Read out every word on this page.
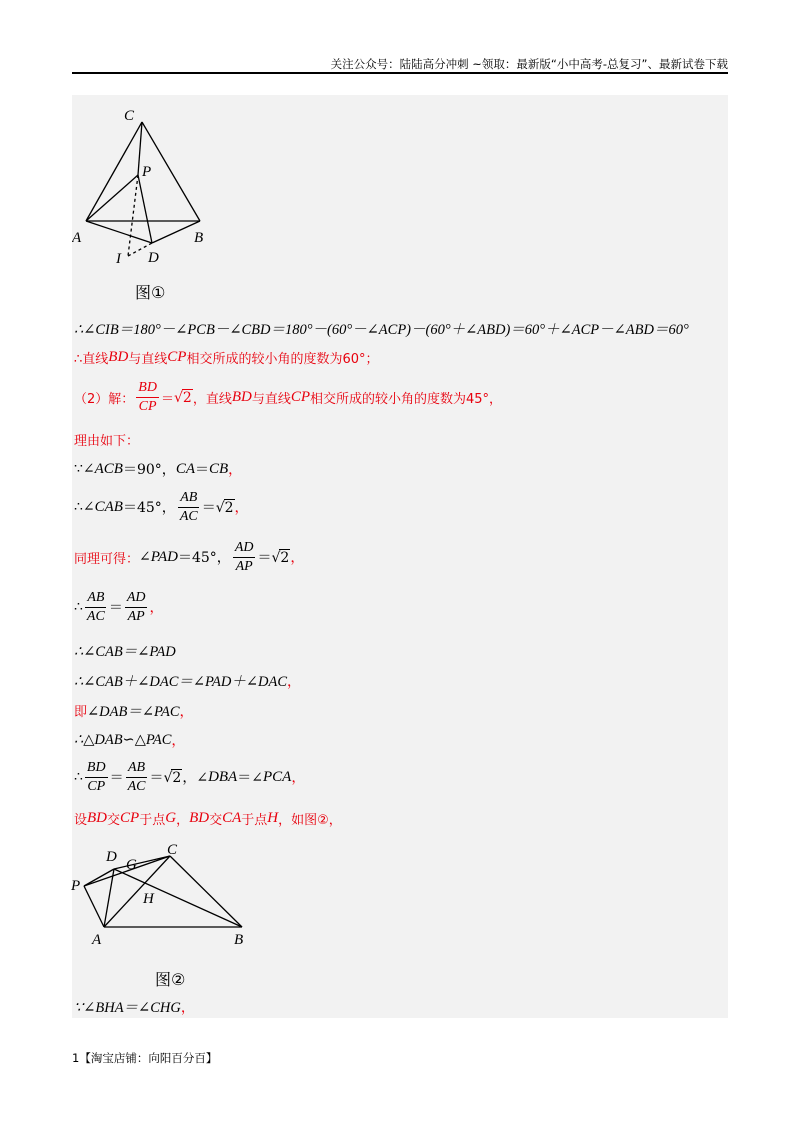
关注公众号：陆陆高分冲刺 ~领取：最新版“小中高考-总复习”、最新试卷下载
C
P
A	B
I D
图①
∴∠CIB＝180°－∠PCB－∠CBD＝180°－(60°－∠ACP)－(60°＋∠ABD)＝60°＋∠ACP－∠ABD＝60°
∴直线 BD 与直线 CP 相交所成的较小角的度数为60°；
（2）解： $\frac{BD}{CP}$ ＝ √ 2 ，直线 BD 与直线 CP 相交所成的较小角的度数为45°，
理由如下：
∵∠ ACB ＝90°， CA ＝ CB ，
∴∠ CAB ＝45°， $\frac{AB}{AC}$ ＝ √ 2 ，
同理可得： ∠ PAD ＝45°， $\frac{AD}{AP}$ ＝ √ 2 ，
∴ $\frac{AB}{AC} = \frac{AD}{AP}$ ，
∴∠CAB＝∠PAD
∴∠CAB＋∠DAC＝∠PAD＋∠DAC ，
即 ∠DAB＝∠PAC ，
∴△DAB∽△PAC ，
∴ $\frac{BD}{CP} = \frac{AB}{AC}$ ＝ √ 2 ，∠ DBA ＝∠ PCA ，
设 BD 交 CP 于点 G ， BD 交 CA 于点 H ，如图②，
D G
C
P
H
A	B
图②
∵∠BHA＝∠CHG ，
1【淘宝店铺：向阳百分百】
